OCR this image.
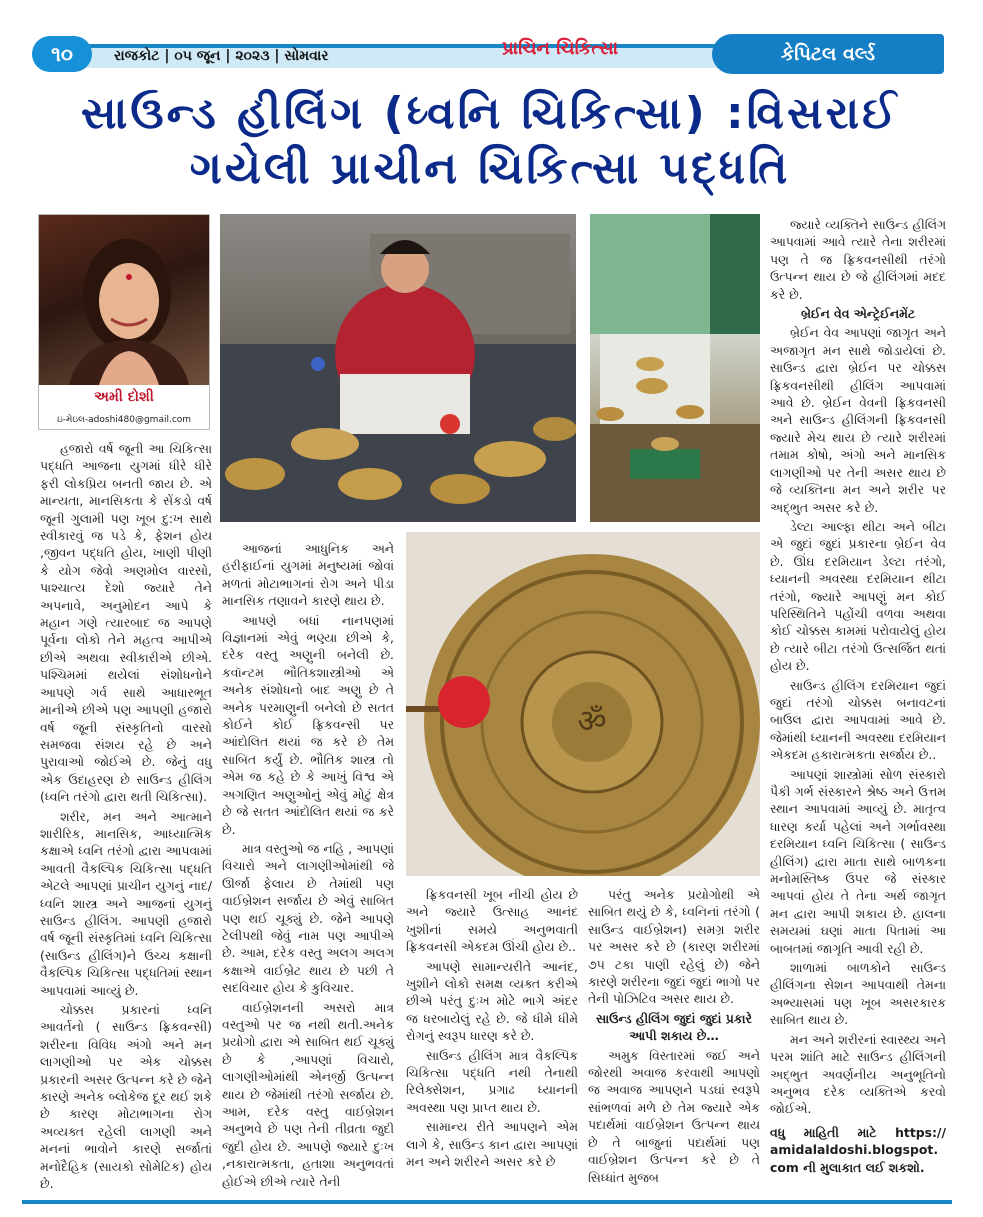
૧૦	રાજકોટ | ૦૫ જૂન | ૨૦૨૩ | સોમવાર	પ્રાચિન ચિકિત્સા	કેપિટલ વર્લ્ડ
સાઉન્ડ હીલિંગ (ધ્વનિ ચિકિત્સા) :વિસરાઈ
ગયેલી પ્રાચીન ચિકિત્સા પદ્ધતિ
અમી દોશી
ઇ-મેઇલ-adoshi480@gmail.com
ॐ

હજારો વર્ષ જૂની આ ચિકિત્સા પદ્ધતિ આજના યુગમાં ધીરે ધીરે ફરી લોકપ્રિય બનતી જાય છે. એ માન્યતા, માનસિકતા કે સેંકડો વર્ષ જૂની ગુલામી પણ ખૂબ દુ:ખ સાથે સ્વીકારવું જ પડે કે, ફેશન હોય ,જીવન પદ્ધતિ હોય, ખાણી પીણી કે યોગ જેવો અણમોલ વારસો, પાશ્ચાત્ય દેશો જ્યારે તેને અપનાવે, અનુમોદન આપે કે મહાન ગણે ત્યારબાદ જ આપણે પૂર્વના લોકો તેને મહત્વ આપીએ છીએ અથવા સ્વીકારીએ છીએ. પશ્ચિમમાં થયેલાં સંશોધનોને આપણે ગર્વ સાથે આધારભૂત માનીએ છીએ પણ આપણી હજારો વર્ષ જૂની સંસ્કૃતિનો વારસો સમજવા સંશય રહે છે અને પુરાવાઓ જોઈએ છે. જેનું વધુ એક ઉદાહરણ છે સાઉન્ડ હીલિંગ (ધ્વનિ તરંગો દ્વારા થતી ચિકિત્સા).

શરીર, મન અને આત્માને શારીરિક, માનસિક, આધ્યાત્મિક કક્ષાએ ધ્વનિ તરંગો દ્વારા આપવામાં આવતી વૈકલ્પિક ચિકિત્સા પદ્ધતિ એટલે આપણાં પ્રાચીન યુગનું નાદ/ધ્વનિ શાસ્ત્ર અને આજનાં યુગનું સાઉન્ડ હીલિંગ. આપણી હજારો વર્ષ જૂની સંસ્કૃતિમાં ધ્વનિ ચિકિત્સા (સાઉન્ડ હીલિંગ)ને ઉચ્ચ કક્ષાની વૈકલ્પિક ચિકિત્સા પદ્ધતિમાં સ્થાન આપવામાં આવ્યું છે.

ચોક્કસ પ્રકારનાં ધ્વનિ આવર્તનો ( સાઉન્ડ ફ્રિકવન્સી) શરીરના વિવિધ અંગો અને મન લાગણીઓ પર એક ચોક્કસ પ્રકારની અસર ઉત્પન્ન કરે છે જેને કારણે અનેક બ્લોકેજ દૂર થઈ શકે છે કારણ મોટાભાગના રોગ અવ્યક્ત રહેલી લાગણી અને મનનાં ભાવોને કારણે સર્જાતાં મનોદૈહિક (સાયકો સોમેટિક) હોય છે.

આજનાં આધુનિક અને હરીફાઈનાં યુગમાં મનુષ્યમાં જોવાં મળતાં મોટાભાગનાં રોગ અને પીડા માનસિક તણાવને કારણે થાય છે.

આપણે બધાં નાનપણમાં વિજ્ઞાનમાં એવું ભણ્યા છીએ કે, દરેક વસ્તુ અણુની બનેલી છે. કવૉન્ટમ ભૌતિકશાસ્ત્રીઓ એ અનેક સંશોધનો બાદ અણુ છે તે અનેક પરમાણુની બનેલો છે સતત કોઈને કોઈ ફ્રિકવન્સી પર આંદોલિત થયાં જ કરે છે તેમ સાબિત કર્યું છે. ભૌતિક શાસ્ત્ર તો એમ જ કહે છે કે આખું વિશ્વ એ અગણિત અણુઓનું એવું મોટું ક્ષેત્ર છે જે સતત આંદોલિત થયાં જ કરે છે.

માત્ર વસ્તુઓ જ નહિ , આપણાં વિચારો અને લાગણીઓમાંથી જે ઊર્જા ફેલાય છે તેમાંથી પણ વાઈબ્રેશન સર્જાય છે એવું સાબિત પણ થઈ ચૂક્યું છે. જેને આપણે ટેલીપથી જેવું નામ પણ આપીએ છે. આમ, દરેક વસ્તુ અલગ અલગ કક્ષાએ વાઈબ્રેટ થાય છે પછી તે સદવિચાર હોય કે કુવિચાર.

વાઈબ્રેશનની અસરો માત્ર વસ્તુઓ પર જ નથી થતી.અનેક પ્રયોગો દ્વારા એ સાબિત થઈ ચૂક્યું છે કે ,આપણાં વિચારો, લાગણીઓમાંથી એનર્જી ઉત્પન્ન થાય છે જેમાંથી તરંગો સર્જાય છે. આમ, દરેક વસ્તુ વાઈબ્રેશન અનુભવે છે પણ તેની તીવ્રતા જુદી જુદી હોય છે. આપણે જ્યારે દુઃખ ,નકારાત્મકતા, હતાશા અનુભવતાં હોઈએ છીએ ત્યારે તેની

ફ્રિકવનસી ખૂબ નીચી હોય છે અને જ્યારે ઉત્સાહ આનંદ ખુશીનાં સમયે અનુભવાતી ફ્રિકવનસી એકદમ ઊંચી હોય છે..

આપણે સામાન્યરીતે આનંદ, ખુશીને લોકો સમક્ષ વ્યક્ત કરીએ છીએ પરંતુ દુઃખ મોટે ભાગે અંદર જ ધરબાયેલું રહે છે. જે ધીમે ધીમે રોગનું સ્વરૂપ ધારણ કરે છે.

સાઉન્ડ હીલિંગ માત્ર વૈકલ્પિક ચિકિત્સા પદ્ધતિ નથી તેનાથી રિલેક્સેશન, પ્રગાઢ ધ્યાનની અવસ્થા પણ પ્રાપ્ત થાય છે.

સામાન્ય રીતે આપણને એમ લાગે કે, સાઉન્ડ કાન દ્વારા આપણાં મન અને શરીરને અસર કરે છે

પરંતુ અનેક પ્રયોગોથી એ સાબિત થયું છે કે, ધ્વનિનાં તરંગો ( સાઉન્ડ વાઈબ્રેશન) સમગ્ર શરીર પર અસર કરે છે (કારણ શરીરમાં ૭૫ ટકા પાણી રહેલું છે) જેને કારણે શરીરના જુદાં જુદાં ભાગો પર તેની પોઝિટિવ અસર થાય છે.

સાઉન્ડ હીલિંગ જુદાં જુદાં પ્રકારે આપી શકાય છે…

અમુક વિસ્તારમાં જઈ અને જોરથી અવાજ કરવાથી આપણો જ અવાજ આપણને પડઘાં સ્વરૂપે સાંભળવાં મળે છે તેમ જ્યારે એક પદાર્થમાં વાઈબ્રેશન ઉત્પન્ન થાય છે તે બાજુનાં પદાર્થમાં પણ વાઈબ્રેશન ઉત્પન્ન કરે છે તે સિધ્ધાંત મુજબ

જ્યારે વ્યક્તિને સાઉન્ડ હીલિંગ આપવામાં આવે ત્યારે તેના શરીરમાં પણ તે જ ફ્રિકવનસીથી તરંગો ઉત્પન્ન થાય છે જે હીલિંગમાં મદદ કરે છે.

બ્રેઈન વેવ એન્ટ્રેઈનમેંટ

બ્રેઈન વેવ આપણાં જાગૃત અને અજાગૃત મન સાથે જોડાયેલાં છે. સાઉન્ડ દ્વારા બ્રેઈન પર ચોક્કસ ફ્રિકવનસીથી હીલિંગ આપવામાં આવે છે. બ્રેઈન વેવની ફ્રિકવનસી અને સાઉન્ડ હીલિંગની ફ્રિકવનસી જ્યારે મેચ થાય છે ત્યારે શરીરમાં તમામ કોષો, અંગો અને માનસિક લાગણીઓ પર તેની અસર થાય છે જે વ્યક્તિના મન અને શરીર પર અદ્ભુત અસર કરે છે.

ડેલ્ટા આલ્ફા થીટા અને બીટા એ જુદાં જુદાં પ્રકારના બ્રેઈન વેવ છે. ઊંઘ દરમિયાન ડેલ્ટા તરંગો, ધ્યાનની અવસ્થા દરમિયાન થીટા તરંગો, જ્યારે આપણું મન કોઈ પરિસ્થિતિને પહોંચી વળવા અથવા કોઈ ચોક્કસ કામમાં પરોવાયેલું હોય છે ત્યારે બીટા તરંગો ઉત્સર્જિત થતાં હોય છે.

સાઉન્ડ હીલિંગ દરમિયાન જુદાં જુદાં તરંગો ચોક્કસ બનાવટનાં બાઉલ દ્વારા આપવામાં આવે છે. જેમાંથી ધ્યાનની અવસ્થા દરમિયાન એકદમ હકારાત્મકતા સર્જાય છે..

આપણાં શાસ્ત્રોમાં સોળ સંસ્કારો પૈકી ગર્ભ સંસ્કારને શ્રેષ્ઠ અને ઉત્તમ સ્થાન આપવામાં આવ્યું છે. માતૃત્વ ધારણ કર્યા પહેલાં અને ગર્ભાવસ્થા દરમિયાન ધ્વનિ ચિકિત્સા ( સાઉન્ડ હીલિંગ) દ્વારા માતા સાથે બાળકના મનોમસ્તિષ્ક ઉપર જે સંસ્કાર આપવાં હોય તે તેના અર્થ જાગૃત મન દ્વારા આપી શકાય છે. હાલના સમયમાં ઘણાં માતા પિતામાં આ બાબતમાં જાગૃતિ આવી રહી છે.

શાળામાં બાળકોને સાઉન્ડ હીલિંગના સેશન આપવાથી તેમના અભ્યાસમાં પણ ખૂબ અસરકારક સાબિત થાય છે.

મન અને શરીરનાં સ્વાસ્થ્ય અને પરમ શાંતિ માટે સાઉન્ડ હીલિંગની અદ્ભુત અવર્ણનીય અનુભૂતિનો અનુભવ દરેક વ્યક્તિએ કરવો જોઈએ.

વધુ માહિતી માટે https:// amidalaldoshi.blogspot. com ની મુલાકાત લઈ શકશો.
